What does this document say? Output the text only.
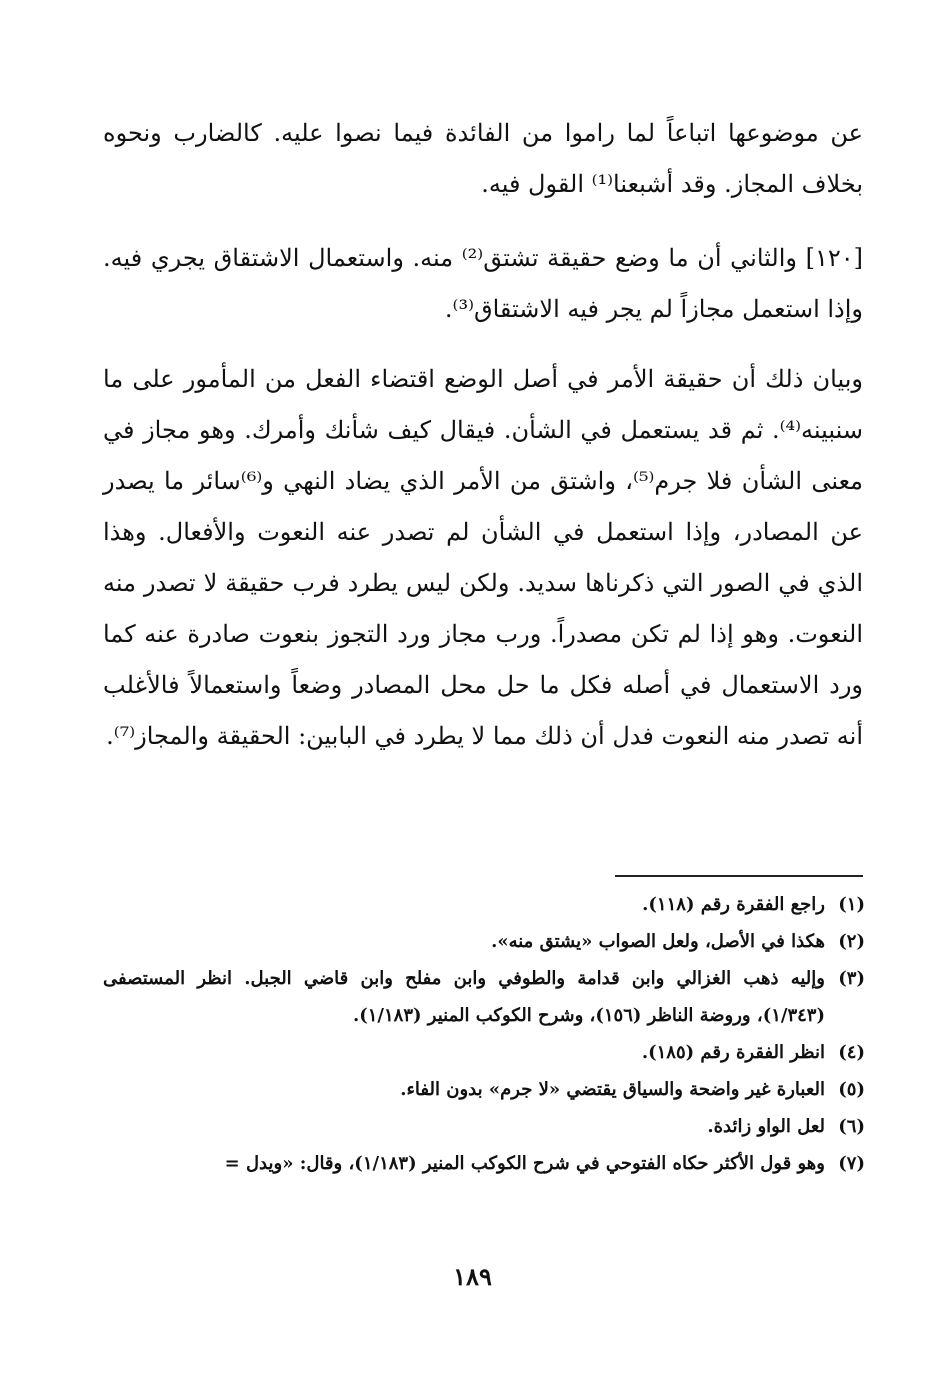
عن موضوعها اتباعاً لما راموا من الفائدة فيما نصوا عليه. كالضارب ونحوه بخلاف المجاز. وقد أشبعنا⁽¹⁾ القول فيه.
[١٢٠] والثاني أن ما وضع حقيقة تشتق⁽²⁾ منه. واستعمال الاشتقاق يجري فيه. وإذا استعمل مجازاً لم يجر فيه الاشتقاق⁽³⁾.
وبيان ذلك أن حقيقة الأمر في أصل الوضع اقتضاء الفعل من المأمور على ما سنبينه⁽⁴⁾. ثم قد يستعمل في الشأن. فيقال كيف شأنك وأمرك. وهو مجاز في معنى الشأن فلا جرم⁽⁵⁾، واشتق من الأمر الذي يضاد النهي و⁽⁶⁾سائر ما يصدر عن المصادر، وإذا استعمل في الشأن لم تصدر عنه النعوت والأفعال. وهذا الذي في الصور التي ذكرناها سديد. ولكن ليس يطرد فرب حقيقة لا تصدر منه النعوت. وهو إذا لم تكن مصدراً. ورب مجاز ورد التجوز بنعوت صادرة عنه كما ورد الاستعمال في أصله فكل ما حل محل المصادر وضعاً واستعمالاً فالأغلب أنه تصدر منه النعوت فدل أن ذلك مما لا يطرد في البابين: الحقيقة والمجاز⁽⁷⁾.
(١)
راجع الفقرة رقم (١١٨).
(٢)
هكذا في الأصل، ولعل الصواب «يشتق منه».
(٣)
وإليه ذهب الغزالي وابن قدامة والطوفي وابن مفلح وابن قاضي الجبل. انظر المستصفى (١/٣٤٣)، وروضة الناظر (١٥٦)، وشرح الكوكب المنير (١/١٨٣).
(٤)
انظر الفقرة رقم (١٨٥).
(٥)
العبارة غير واضحة والسياق يقتضي «لا جرم» بدون الفاء.
(٦)
لعل الواو زائدة.
(٧)
وهو قول الأكثر حكاه الفتوحي في شرح الكوكب المنير (١/١٨٣)، وقال: «ويدل =
١٨٩
